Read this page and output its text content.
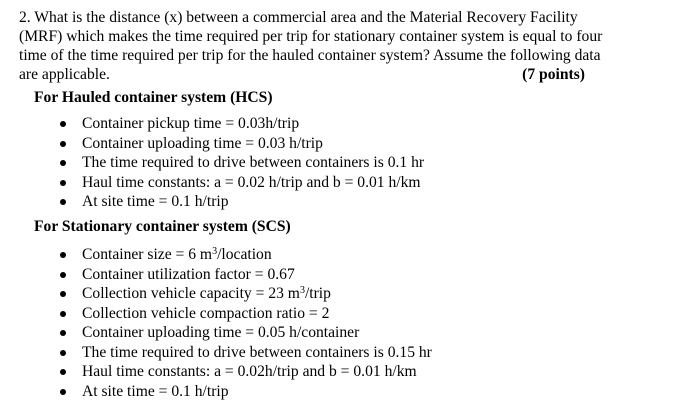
2. What is the distance (x) between a commercial area and the Material Recovery Facility
(MRF) which makes the time required per trip for stationary container system is equal to four
time of the time required per trip for the hauled container system? Assume the following data
are applicable.	(7 points)
For Hauled container system (HCS)
Container pickup time = 0.03h/trip
Container uploading time = 0.03 h/trip
The time required to drive between containers is 0.1 hr
Haul time constants: a = 0.02 h/trip and b = 0.01 h/km
At site time = 0.1 h/trip
For Stationary container system (SCS)
Container size = 6 $m^3$/location
Container utilization factor = 0.67
Collection vehicle capacity = 23 $m^3$/trip
Collection vehicle compaction ratio = 2
Container uploading time = 0.05 h/container
The time required to drive between containers is 0.15 hr
Haul time constants: a = 0.02h/trip and b = 0.01 h/km
At site time = 0.1 h/trip
